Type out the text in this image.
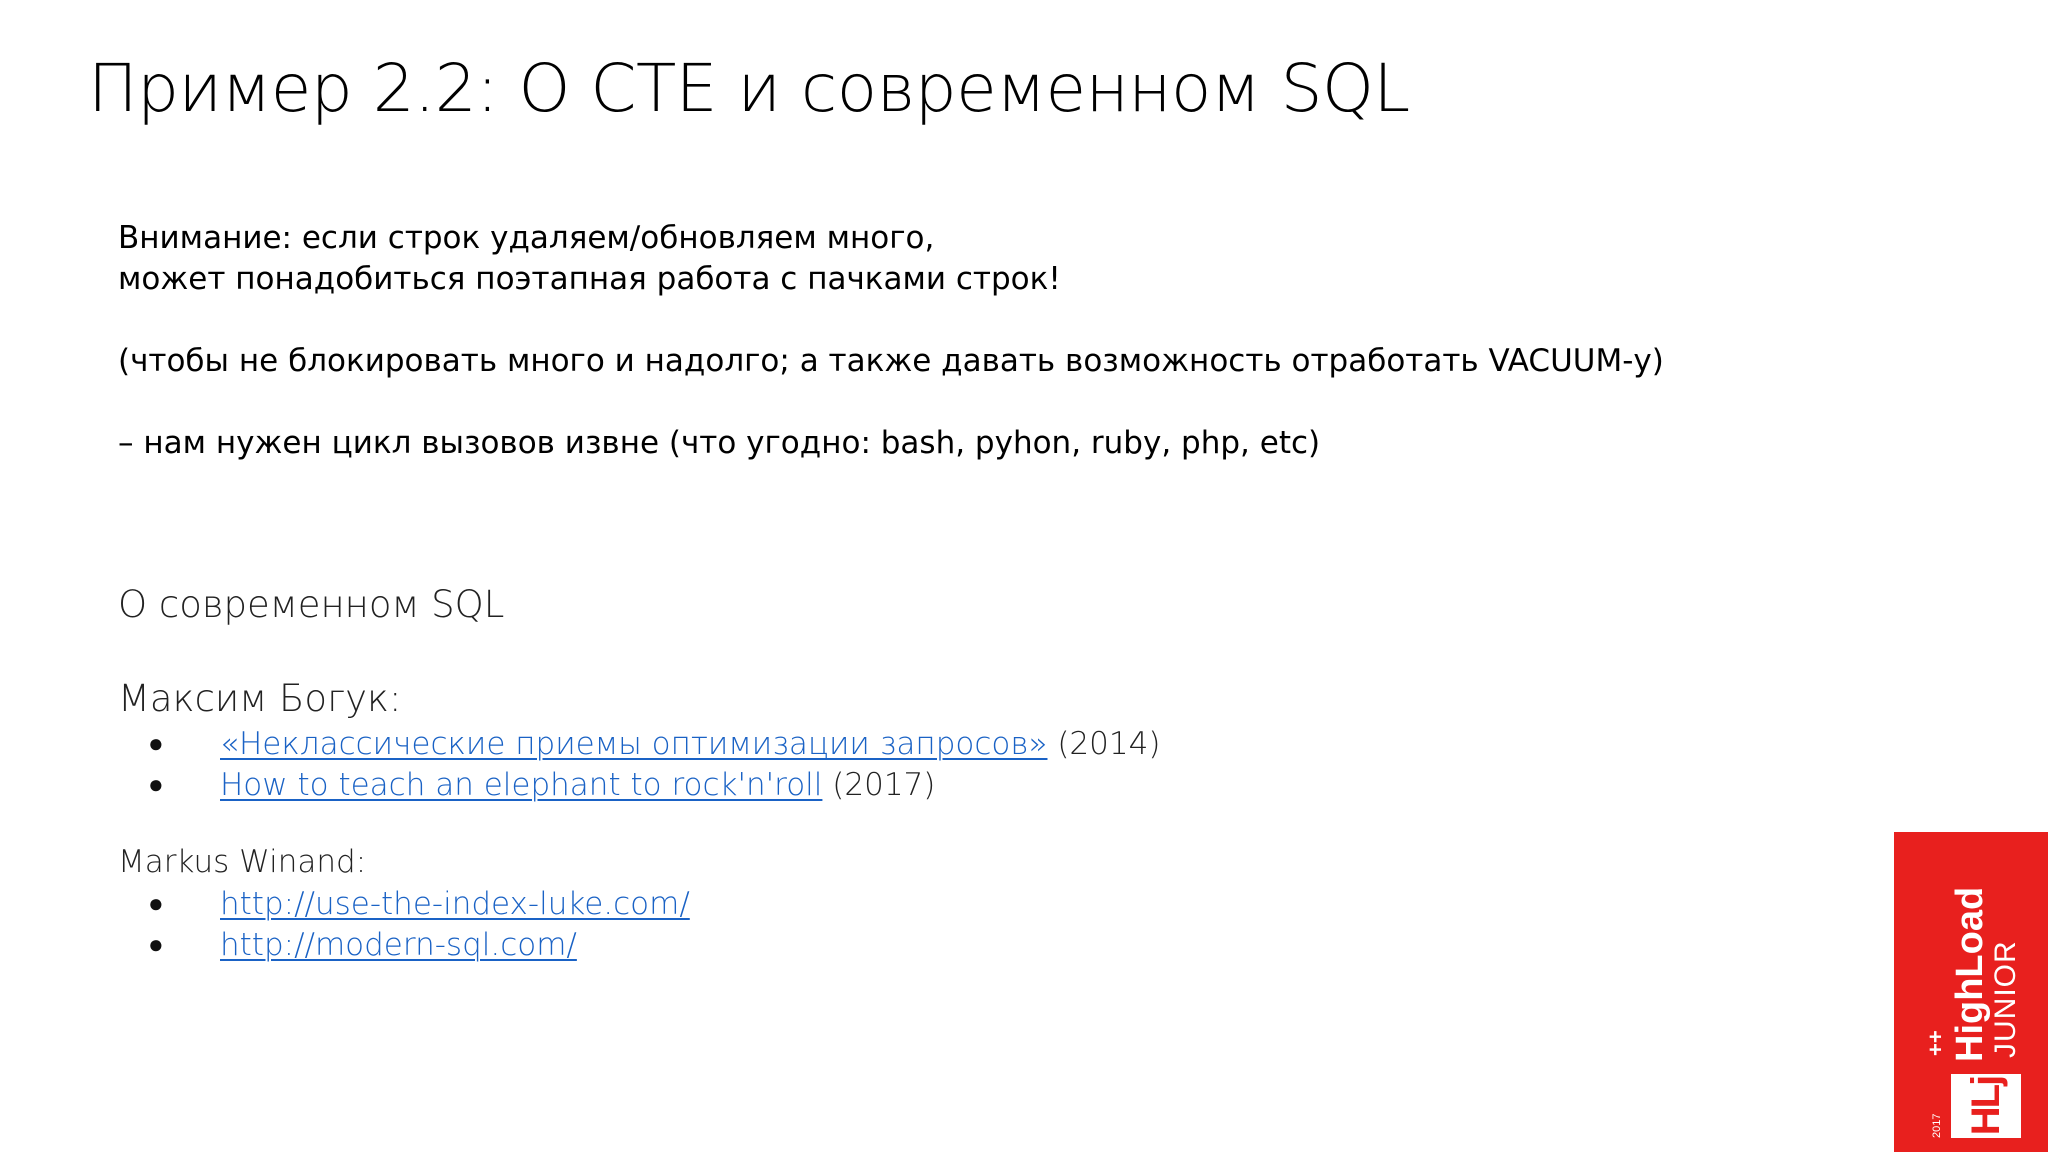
Пример 2.2: О CTE и современном SQL

Внимание: если строк удаляем/обновляем много,

может понадобиться поэтапная работа с пачками строк!

(чтобы не блокировать много и надолго; а также давать возможность отработать VACUUM-у)

– нам нужен цикл вызовов извне (что угодно: bash, pyhon, ruby, php, etc)

О современном SQL

Максим Богук:
● «Неклассические приемы оптимизации запросов» (2014)
● How to teach an elephant to rock'n'roll (2017)
Markus Winand:
● http://use-the-index-luke.com/
● http://modern-sql.com/
2017 HLj
++ HighLoad
JUNIOR
